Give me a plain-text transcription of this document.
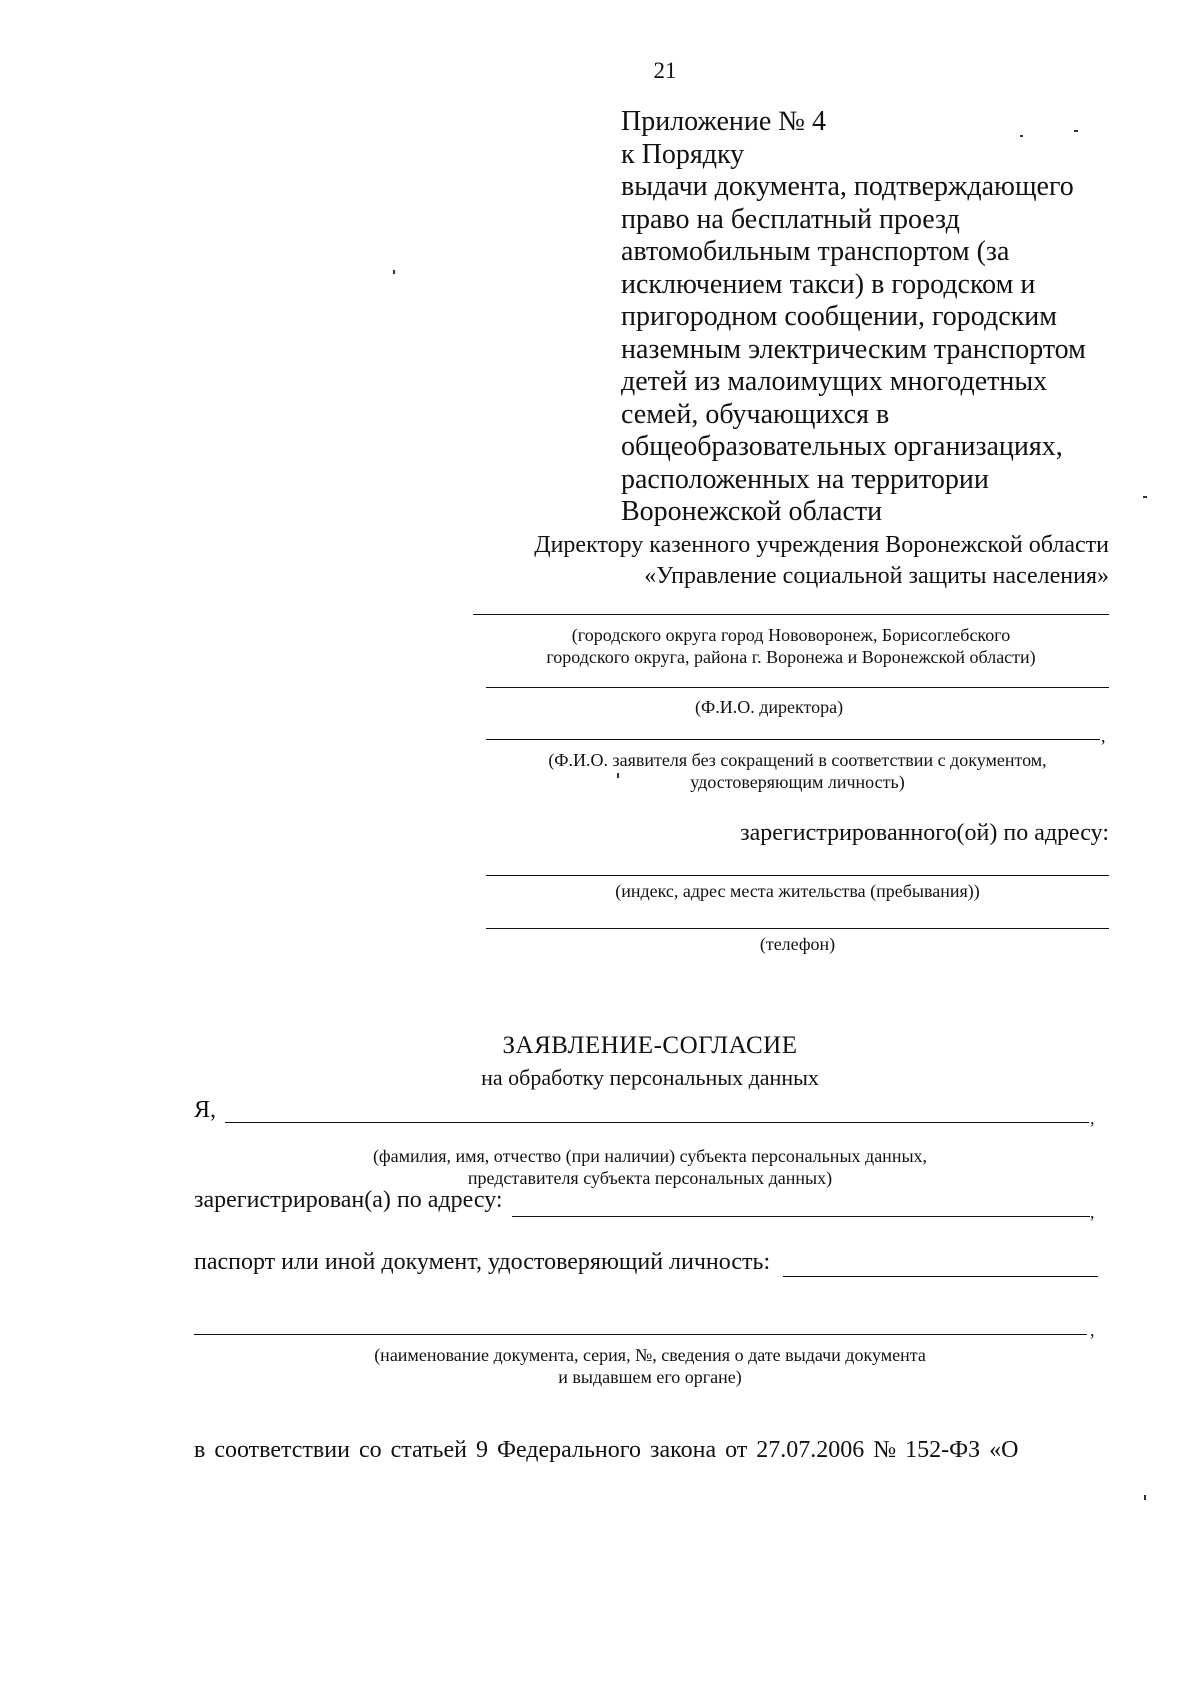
21
Приложение № 4
к Порядку
выдачи документа, подтверждающего
право на бесплатный проезд
автомобильным транспортом (за
исключением такси) в городском и
пригородном сообщении, городским
наземным электрическим транспортом
детей из малоимущих многодетных
семей, обучающихся в
общеобразовательных организациях,
расположенных на территории
Воронежской области
Директору казенного учреждения Воронежской области
«Управление социальной защиты населения»
(городского округа город Нововоронеж, Борисоглебского
городского округа, района г. Воронежа и Воронежской области)
(Ф.И.О. директора)
,
(Ф.И.О. заявителя без сокращений в соответствии с документом,
удостоверяющим личность)
зарегистрированного(ой) по адресу:
(индекс, адрес места жительства (пребывания))
(телефон)
ЗАЯВЛЕНИЕ-СОГЛАСИЕ
на обработку персональных данных
Я,	,
(фамилия, имя, отчество (при наличии) субъекта персональных данных,
представителя субъекта персональных данных)
зарегистрирован(а) по адресу:	,
паспорт или иной документ, удостоверяющий личность:
,
(наименование документа, серия, №, сведения о дате выдачи документа
и выдавшем его органе)
в соответствии со статьей 9 Федерального закона от 27.07.2006 № 152-ФЗ «О
